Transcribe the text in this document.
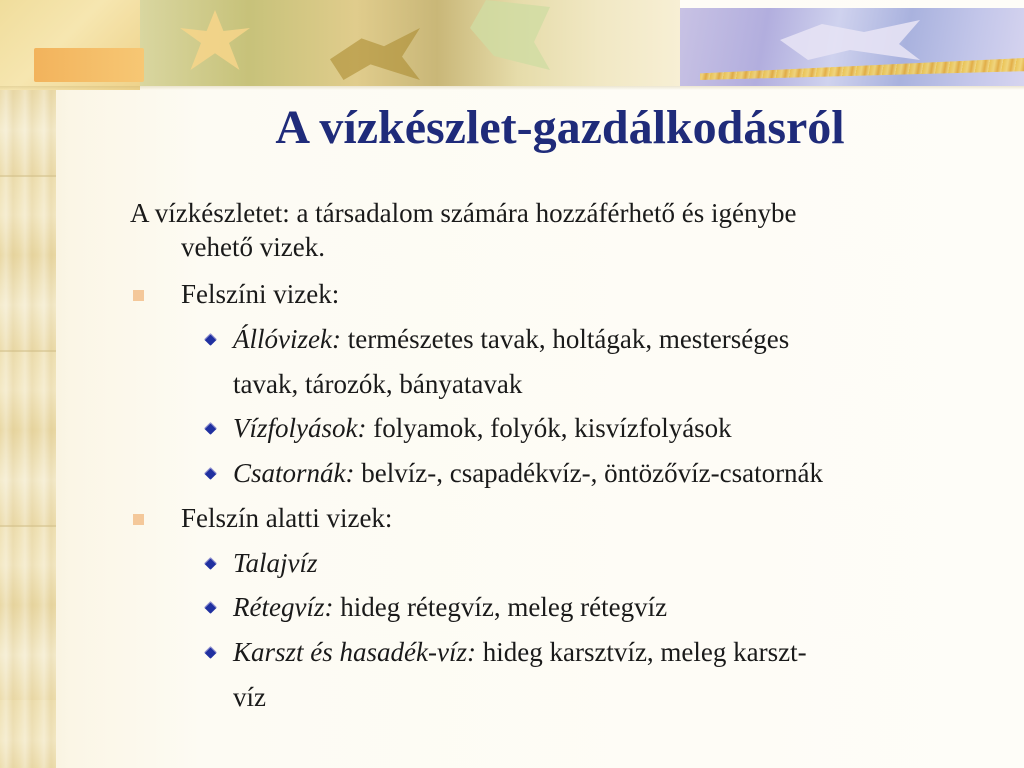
A vízkészlet-gazdálkodásról
A vízkészletet: a társadalom számára hozzáférhető és igénybe
vehető vizek.
Felszíni vizek:
Állóvizek: természetes tavak, holtágak, mesterséges
tavak, tározók, bányatavak
Vízfolyások: folyamok, folyók, kisvízfolyások
Csatornák: belvíz-, csapadékvíz-, öntözővíz-csatornák
Felszín alatti vizek:
Talajvíz
Rétegvíz: hideg rétegvíz, meleg rétegvíz
Karszt és hasadék-víz: hideg karsztvíz, meleg karszt-
víz
